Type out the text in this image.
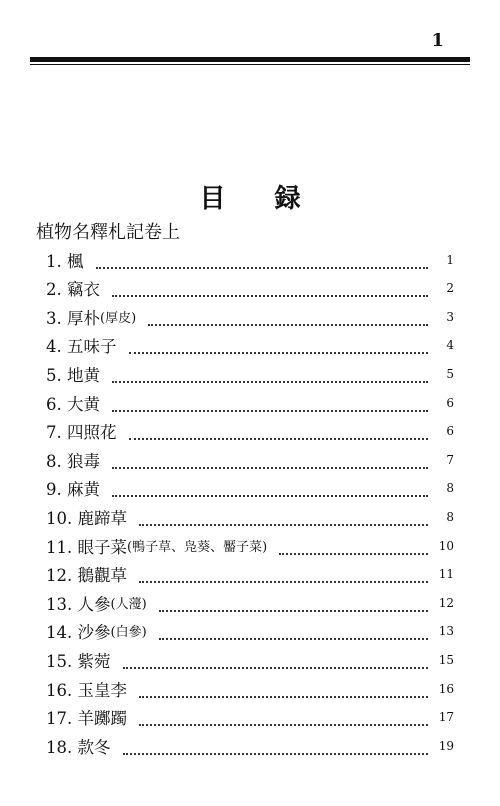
1
目 録
植物名釋札記卷上
1. 楓	1
2. 竊衣	2
3. 厚朴 (厚皮)	3
4. 五味子	4
5. 地黄	5
6. 大黄	6
7. 四照花	6
8. 狼毒	7
9. 麻黄	8
10. 鹿蹄草	8
11. 眼子菜 (鴨子草、凫葵、靨子菜)	10
12. 鵝觀草	11
13. 人參 (人薓)	12
14. 沙參 (白參)	13
15. 紫菀	15
16. 玉皇李	16
17. 羊躑躅	17
18. 款冬	19
